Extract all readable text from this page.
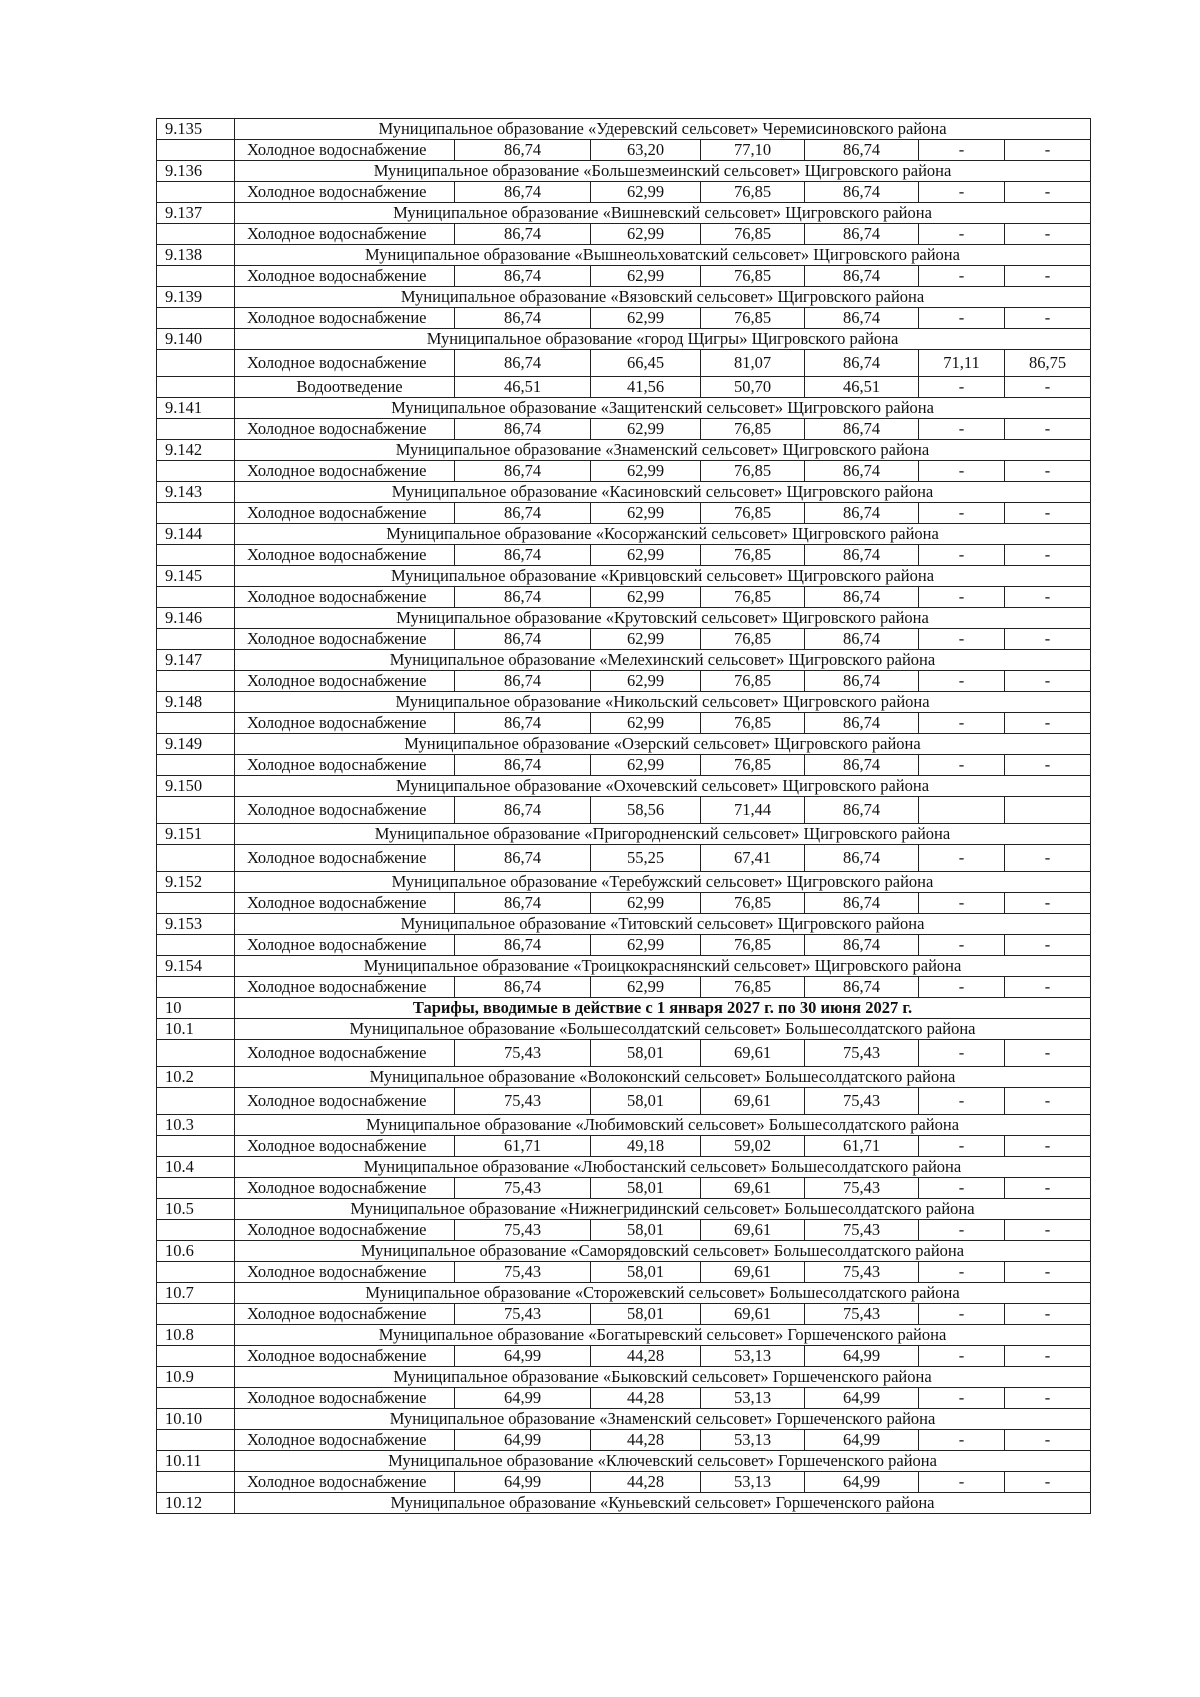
9.135	Муниципальное образование «Удеревский сельсовет» Черемисиновского района						
	Холодное водоснабжение	86,74	63,20	77,10	86,74	-	-
9.136	Муниципальное образование «Большезмеинский сельсовет» Щигровского района						
	Холодное водоснабжение	86,74	62,99	76,85	86,74	-	-
9.137	Муниципальное образование «Вишневский сельсовет» Щигровского района						
	Холодное водоснабжение	86,74	62,99	76,85	86,74	-	-
9.138	Муниципальное образование «Вышнеольховатский сельсовет» Щигровского района						
	Холодное водоснабжение	86,74	62,99	76,85	86,74	-	-
9.139	Муниципальное образование «Вязовский сельсовет» Щигровского района						
	Холодное водоснабжение	86,74	62,99	76,85	86,74	-	-
9.140	Муниципальное образование «город Щигры» Щигровского района						
	Холодное водоснабжение	86,74	66,45	81,07	86,74	71,11	86,75
	Водоотведение	46,51	41,56	50,70	46,51	-	-
9.141	Муниципальное образование «Защитенский сельсовет» Щигровского района						
	Холодное водоснабжение	86,74	62,99	76,85	86,74	-	-
9.142	Муниципальное образование «Знаменский сельсовет» Щигровского района						
	Холодное водоснабжение	86,74	62,99	76,85	86,74	-	-
9.143	Муниципальное образование «Касиновский сельсовет» Щигровского района						
	Холодное водоснабжение	86,74	62,99	76,85	86,74	-	-
9.144	Муниципальное образование «Косоржанский сельсовет» Щигровского района						
	Холодное водоснабжение	86,74	62,99	76,85	86,74	-	-
9.145	Муниципальное образование «Кривцовский сельсовет» Щигровского района						
	Холодное водоснабжение	86,74	62,99	76,85	86,74	-	-
9.146	Муниципальное образование «Крутовский сельсовет» Щигровского района						
	Холодное водоснабжение	86,74	62,99	76,85	86,74	-	-
9.147	Муниципальное образование «Мелехинский сельсовет» Щигровского района						
	Холодное водоснабжение	86,74	62,99	76,85	86,74	-	-
9.148	Муниципальное образование «Никольский сельсовет» Щигровского района						
	Холодное водоснабжение	86,74	62,99	76,85	86,74	-	-
9.149	Муниципальное образование «Озерский сельсовет» Щигровского района						
	Холодное водоснабжение	86,74	62,99	76,85	86,74	-	-
9.150	Муниципальное образование «Охочевский сельсовет» Щигровского района						
	Холодное водоснабжение	86,74	58,56	71,44	86,74		
9.151	Муниципальное образование «Пригородненский сельсовет» Щигровского района						
	Холодное водоснабжение	86,74	55,25	67,41	86,74	-	-
9.152	Муниципальное образование «Теребужский сельсовет» Щигровского района						
	Холодное водоснабжение	86,74	62,99	76,85	86,74	-	-
9.153	Муниципальное образование «Титовский сельсовет» Щигровского района						
	Холодное водоснабжение	86,74	62,99	76,85	86,74	-	-
9.154	Муниципальное образование «Троицкокраснянский сельсовет» Щигровского района						
	Холодное водоснабжение	86,74	62,99	76,85	86,74	-	-
10	Тарифы, вводимые в действие с 1 января 2027 г. по 30 июня 2027 г.						
10.1	Муниципальное образование «Большесолдатский сельсовет» Большесолдатского района						
	Холодное водоснабжение	75,43	58,01	69,61	75,43	-	-
10.2	Муниципальное образование «Волоконский сельсовет» Большесолдатского района						
	Холодное водоснабжение	75,43	58,01	69,61	75,43	-	-
10.3	Муниципальное образование «Любимовский сельсовет» Большесолдатского района						
	Холодное водоснабжение	61,71	49,18	59,02	61,71	-	-
10.4	Муниципальное образование «Любостанский сельсовет» Большесолдатского района						
	Холодное водоснабжение	75,43	58,01	69,61	75,43	-	-
10.5	Муниципальное образование «Нижнегридинский сельсовет» Большесолдатского района						
	Холодное водоснабжение	75,43	58,01	69,61	75,43	-	-
10.6	Муниципальное образование «Саморядовский сельсовет» Большесолдатского района						
	Холодное водоснабжение	75,43	58,01	69,61	75,43	-	-
10.7	Муниципальное образование «Сторожевский сельсовет» Большесолдатского района						
	Холодное водоснабжение	75,43	58,01	69,61	75,43	-	-
10.8	Муниципальное образование «Богатыревский сельсовет» Горшеченского района						
	Холодное водоснабжение	64,99	44,28	53,13	64,99	-	-
10.9	Муниципальное образование «Быковский сельсовет» Горшеченского района						
	Холодное водоснабжение	64,99	44,28	53,13	64,99	-	-
10.10	Муниципальное образование «Знаменский сельсовет» Горшеченского района						
	Холодное водоснабжение	64,99	44,28	53,13	64,99	-	-
10.11	Муниципальное образование «Ключевский сельсовет» Горшеченского района						
	Холодное водоснабжение	64,99	44,28	53,13	64,99	-	-
10.12	Муниципальное образование «Куньевский сельсовет» Горшеченского района						
